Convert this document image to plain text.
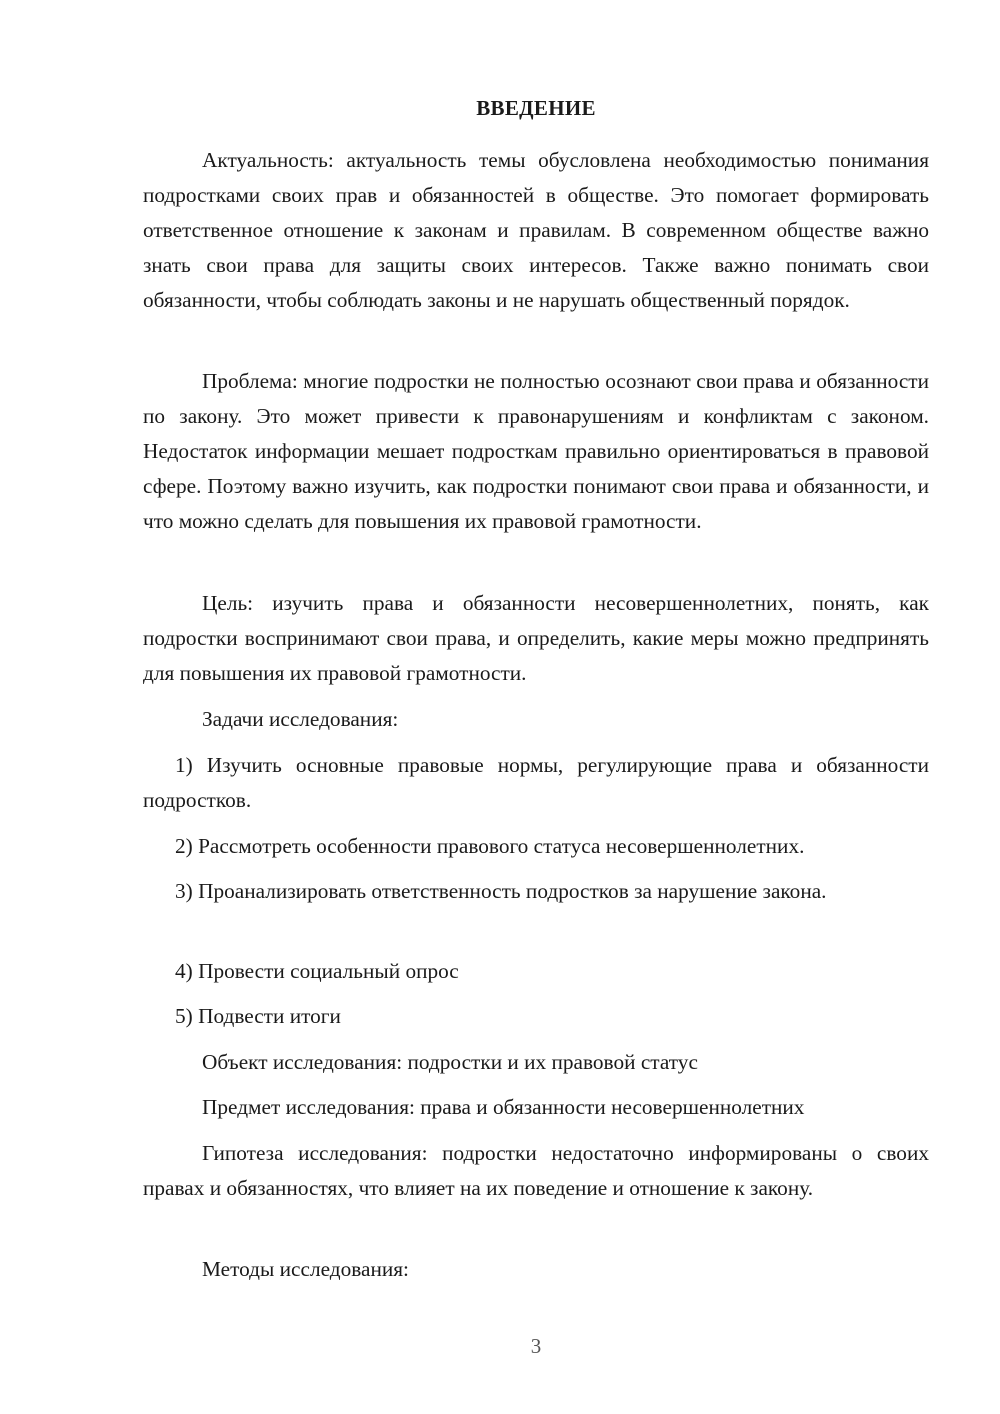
ВВЕДЕНИЕ

Актуальность: актуальность темы обусловлена необходимостью понимания подростками своих прав и обязанностей в обществе. Это помогает формировать ответственное отношение к законам и правилам. В современном обществе важно знать свои права для защиты своих интересов. Также важно понимать свои обязанности, чтобы соблюдать законы и не нарушать общественный порядок.

Проблема: многие подростки не полностью осознают свои права и обязанности по закону. Это может привести к правонарушениям и конфликтам с законом. Недостаток информации мешает подросткам правильно ориентироваться в правовой сфере. Поэтому важно изучить, как подростки понимают свои права и обязанности, и что можно сделать для повышения их правовой грамотности.

Цель: изучить права и обязанности несовершеннолетних, понять, как подростки воспринимают свои права, и определить, какие меры можно предпринять для повышения их правовой грамотности.

Задачи исследования:

1) Изучить основные правовые нормы, регулирующие права и обязанности подростков.

2) Рассмотреть особенности правового статуса несовершеннолетних.

3) Проанализировать ответственность подростков за нарушение закона.

4) Провести социальный опрос

5) Подвести итоги

Объект исследования: подростки и их правовой статус

Предмет исследования: права и обязанности несовершеннолетних

Гипотеза исследования: подростки недостаточно информированы о своих правах и обязанностях, что влияет на их поведение и отношение к закону.

Методы исследования:

3
